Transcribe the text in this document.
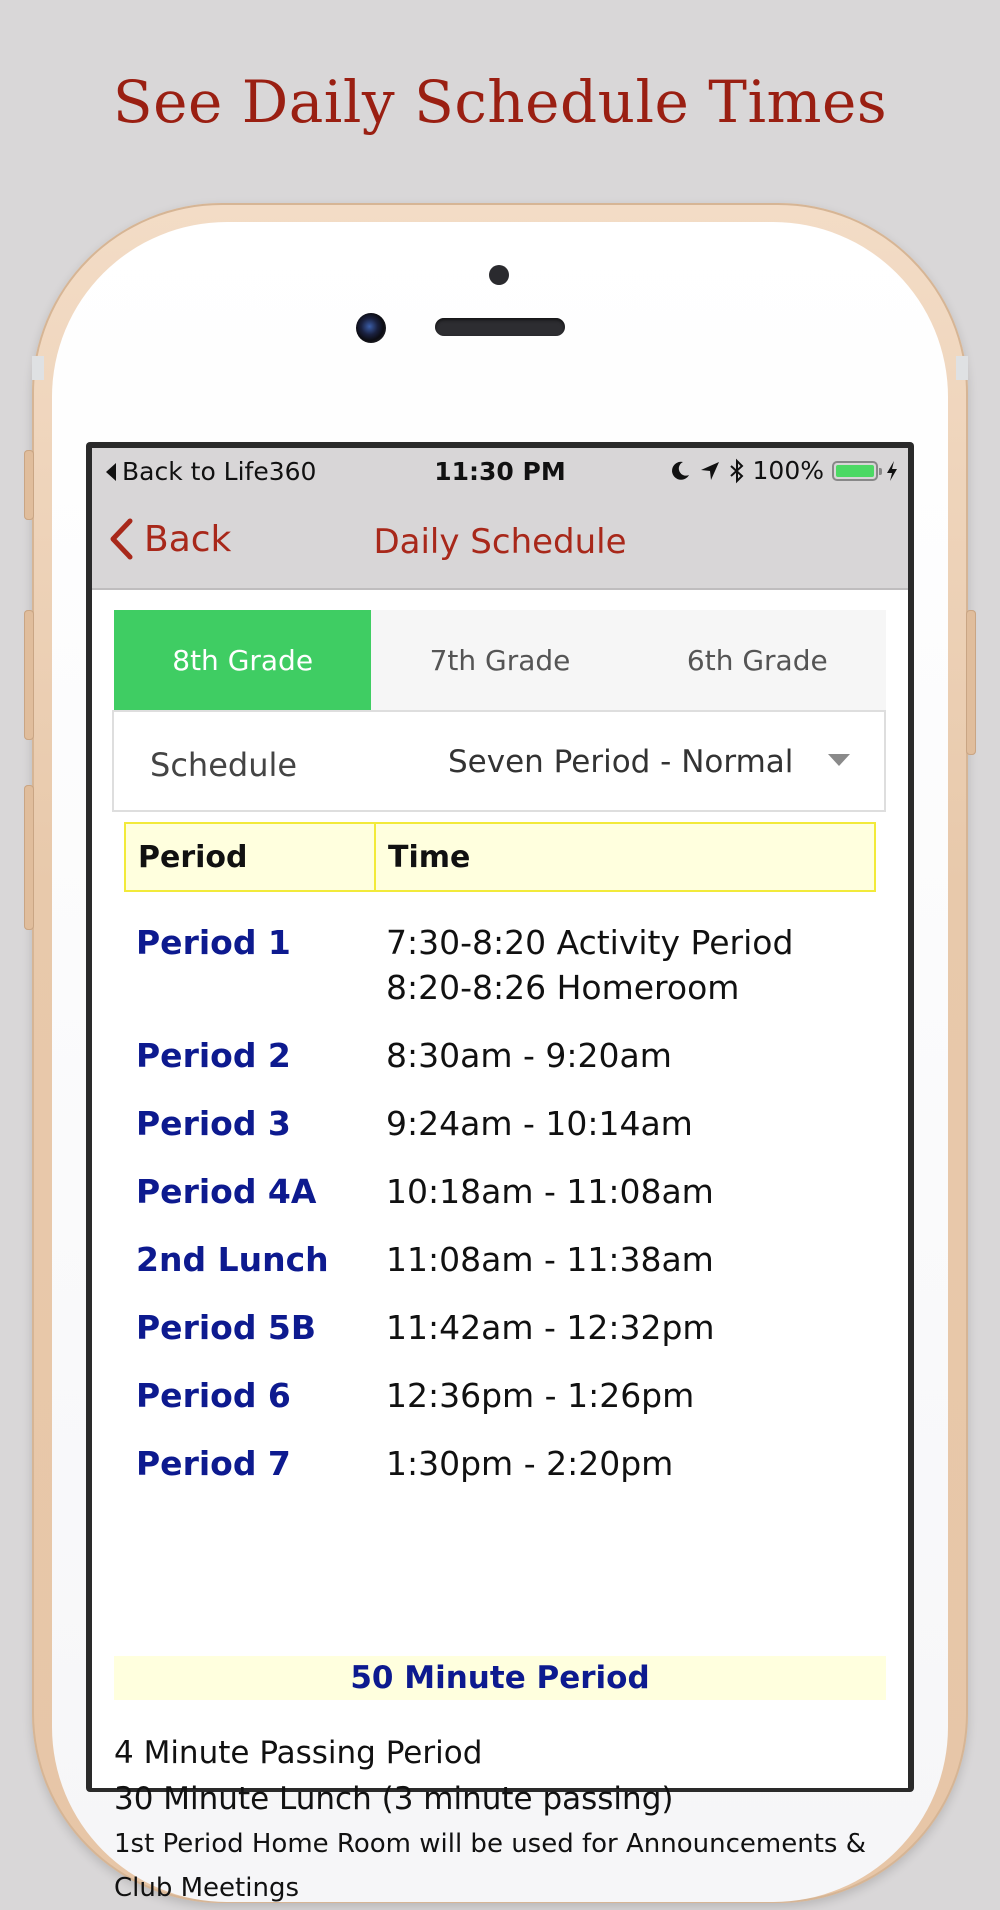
See Daily Schedule Times
Back to Life360	11:30 PM	100%
Back	Daily Schedule
8th Grade	7th Grade	6th Grade
Schedule	Seven Period - Normal
Period	Time
Period 1	7:30-8:20 Activity Period
8:20-8:26 Homeroom
Period 2	8:30am - 9:20am
Period 3	9:24am - 10:14am
Period 4A	10:18am - 11:08am
2nd Lunch	11:08am - 11:38am
Period 5B	11:42am - 12:32pm
Period 6	12:36pm - 1:26pm
Period 7	1:30pm - 2:20pm
50 Minute Period
4 Minute Passing Period
30 Minute Lunch (3 minute passing)
1st Period Home Room will be used for Announcements & Club Meetings
